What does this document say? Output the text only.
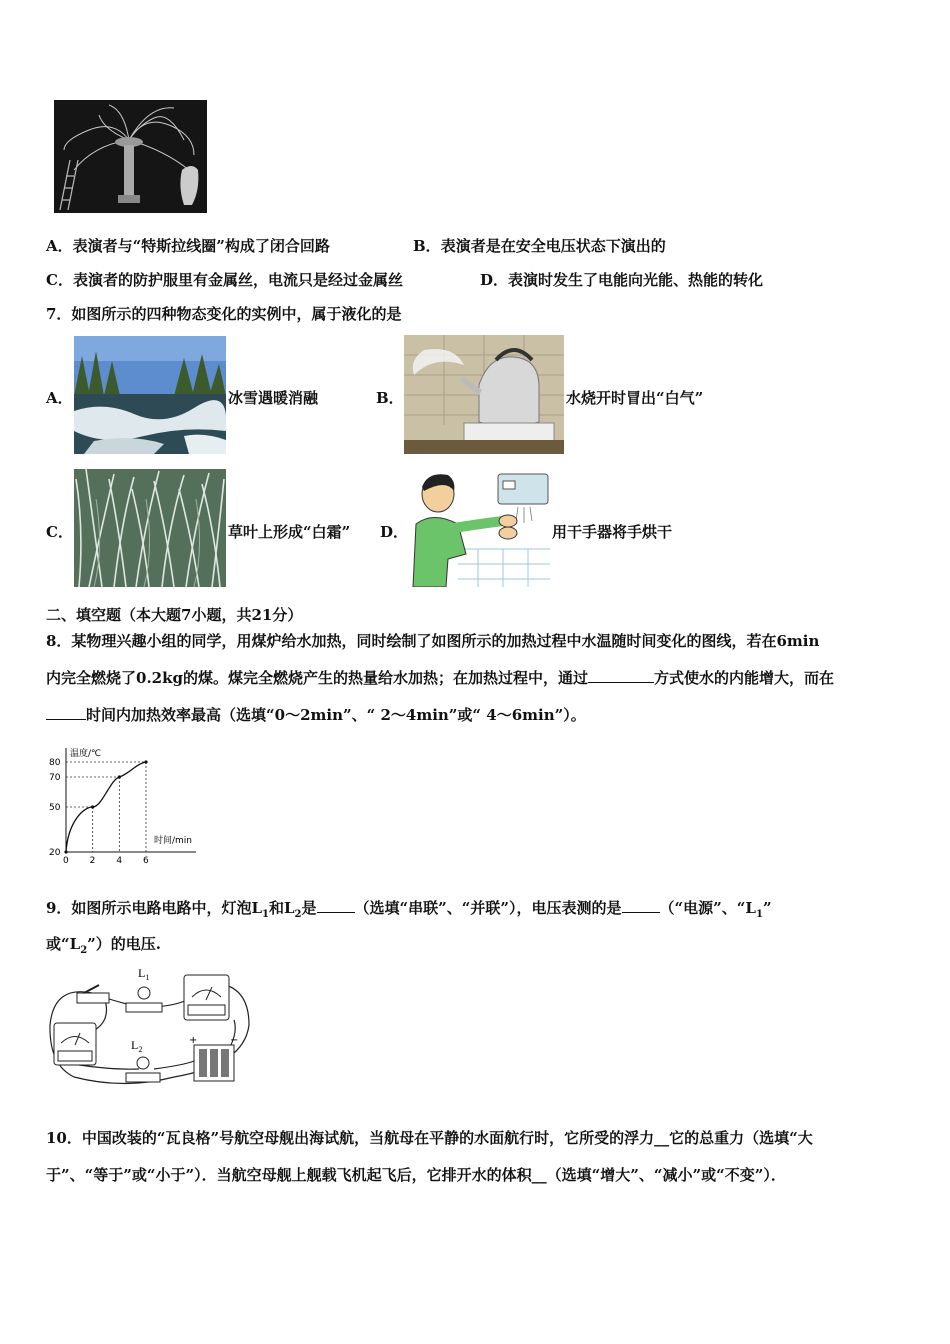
A．表演者与“特斯拉线圈”构成了闭合回路	B．表演者是在安全电压状态下演出的
C．表演者的防护服里有金属丝，电流只是经过金属丝	D．表演时发生了电能向光能、热能的转化
7．如图所示的四种物态变化的实例中，属于液化的是
A．	冰雪遇暖消融	B．	水烧开时冒出“白气”
C．	草叶上形成“白霜” D．	用干手器将手烘干
二、填空题（本大题7小题，共21分）
8．某物理兴趣小组的同学，用煤炉给水加热，同时绘制了如图所示的加热过程中水温随时间变化的图线，若在6min
内完全燃烧了0.2kg的煤。煤完全燃烧产生的热量给水加热；在加热过程中，通过	方式使水的内能增大，而在
时间内加热效率最高（选填“0～2min”、“ 2～4min”或“ 4～6min”）。
温度/℃
时间/min
0 2 4 6
20
50
70
80
9．如图所示电路电路中，灯泡$L_1$和$L_2$是	（选填“串联”、“并联”），电压表测的是	（“电源”、“$L_1$”
或“$L_2$”）的电压.
$L_1$
$L_2$
+	−
10．中国改装的“瓦良格”号航空母舰出海试航，当航母在平静的水面航行时，它所受的浮力__它的总重力（选填“大
于”、“等于”或“小于”）．当航空母舰上舰载飞机起飞后，它排开水的体积__（选填“增大”、“减小”或“不变”）．
